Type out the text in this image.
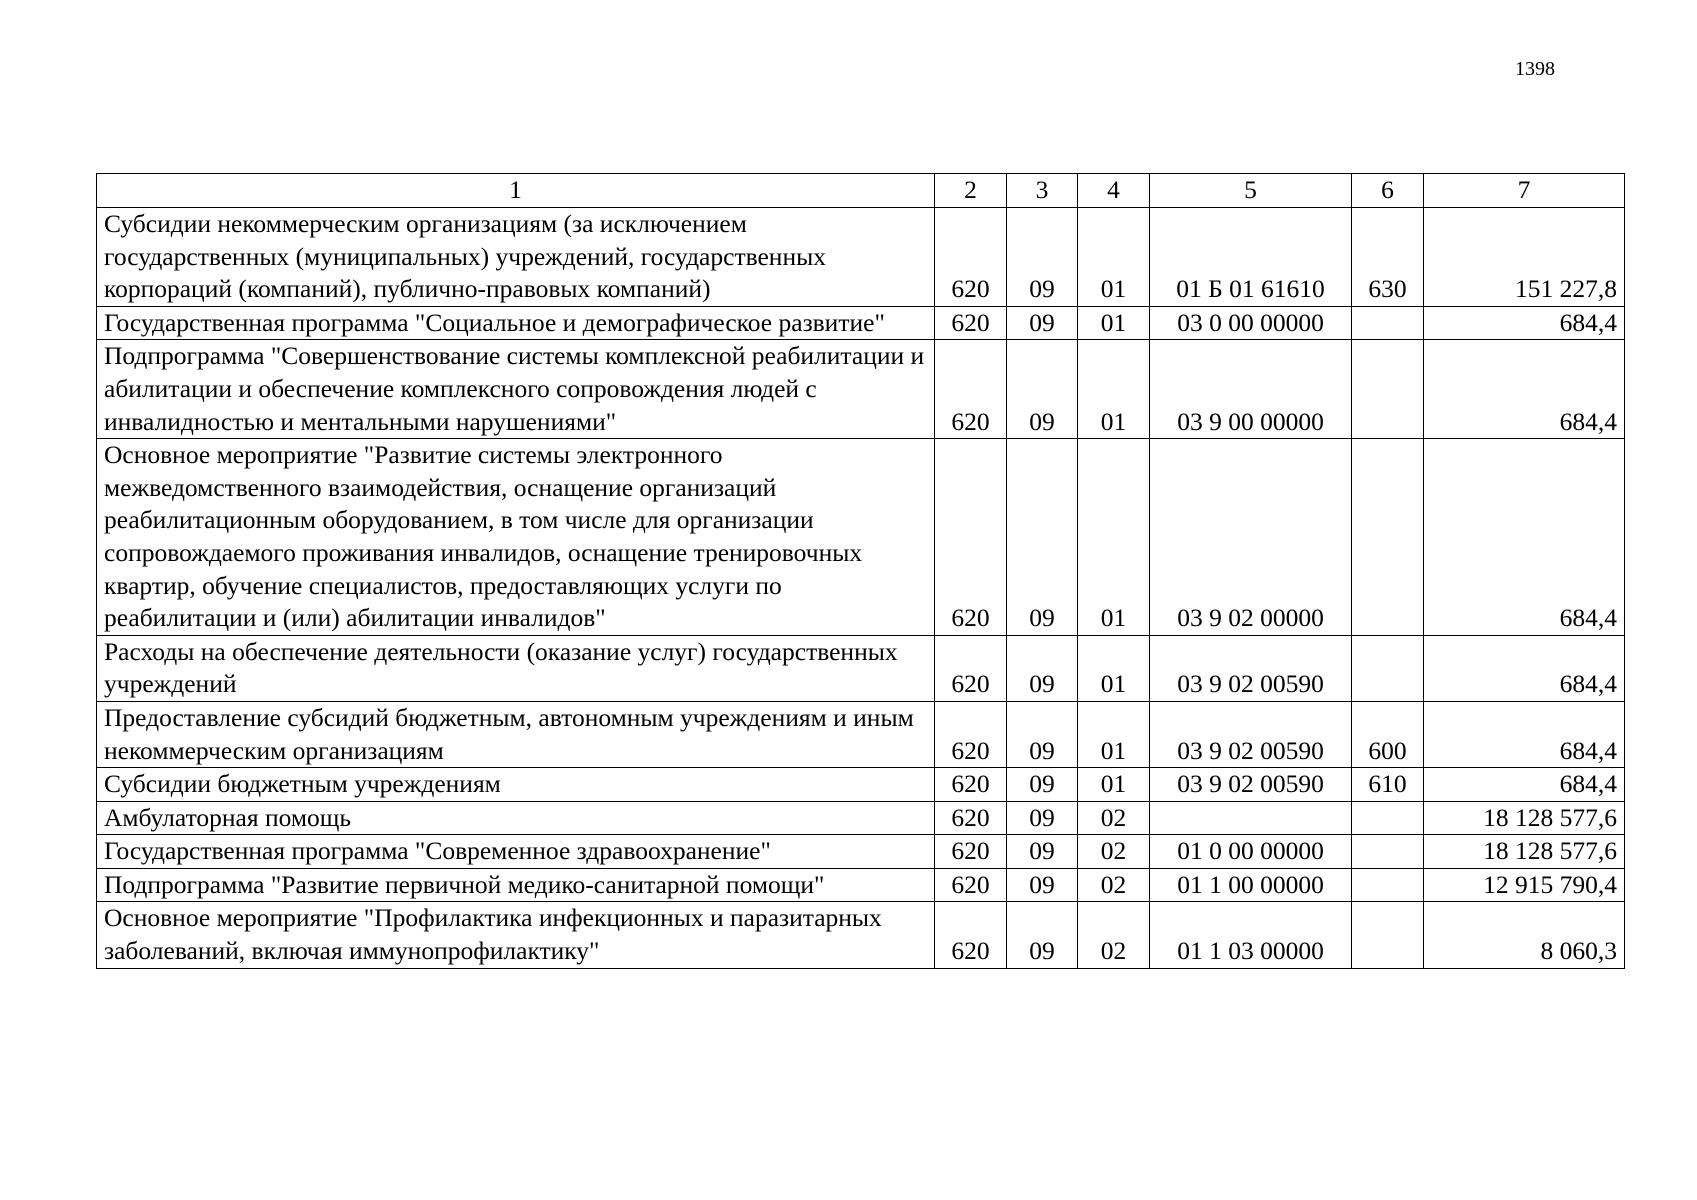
1398
1	2	3	4	5	6	7
Субсидии некоммерческим организациям (за исключением государственных (муниципальных) учреждений, государственных корпораций (компаний), публично-правовых компаний)	620	09	01	01 Б 01 61610	630	151 227,8
Государственная программа "Социальное и демографическое развитие"	620	09	01	03 0 00 00000		684,4
Подпрограмма "Совершенствование системы комплексной реабилитации и абилитации и обеспечение комплексного сопровождения людей с инвалидностью и ментальными нарушениями"	620	09	01	03 9 00 00000		684,4
Основное мероприятие "Развитие системы электронного межведомственного взаимодействия, оснащение организаций реабилитационным оборудованием, в том числе для организации сопровождаемого проживания инвалидов, оснащение тренировочных квартир, обучение специалистов, предоставляющих услуги по реабилитации и (или) абилитации инвалидов"	620	09	01	03 9 02 00000		684,4
Расходы на обеспечение деятельности (оказание услуг) государственных учреждений	620	09	01	03 9 02 00590		684,4
Предоставление субсидий бюджетным, автономным учреждениям и иным некоммерческим организациям	620	09	01	03 9 02 00590	600	684,4
Субсидии бюджетным учреждениям	620	09	01	03 9 02 00590	610	684,4
Амбулаторная помощь	620	09	02			18 128 577,6
Государственная программа "Современное здравоохранение"	620	09	02	01 0 00 00000		18 128 577,6
Подпрограмма "Развитие первичной медико-санитарной помощи"	620	09	02	01 1 00 00000		12 915 790,4
Основное мероприятие "Профилактика инфекционных и паразитарных заболеваний, включая иммунопрофилактику"	620	09	02	01 1 03 00000		8 060,3
